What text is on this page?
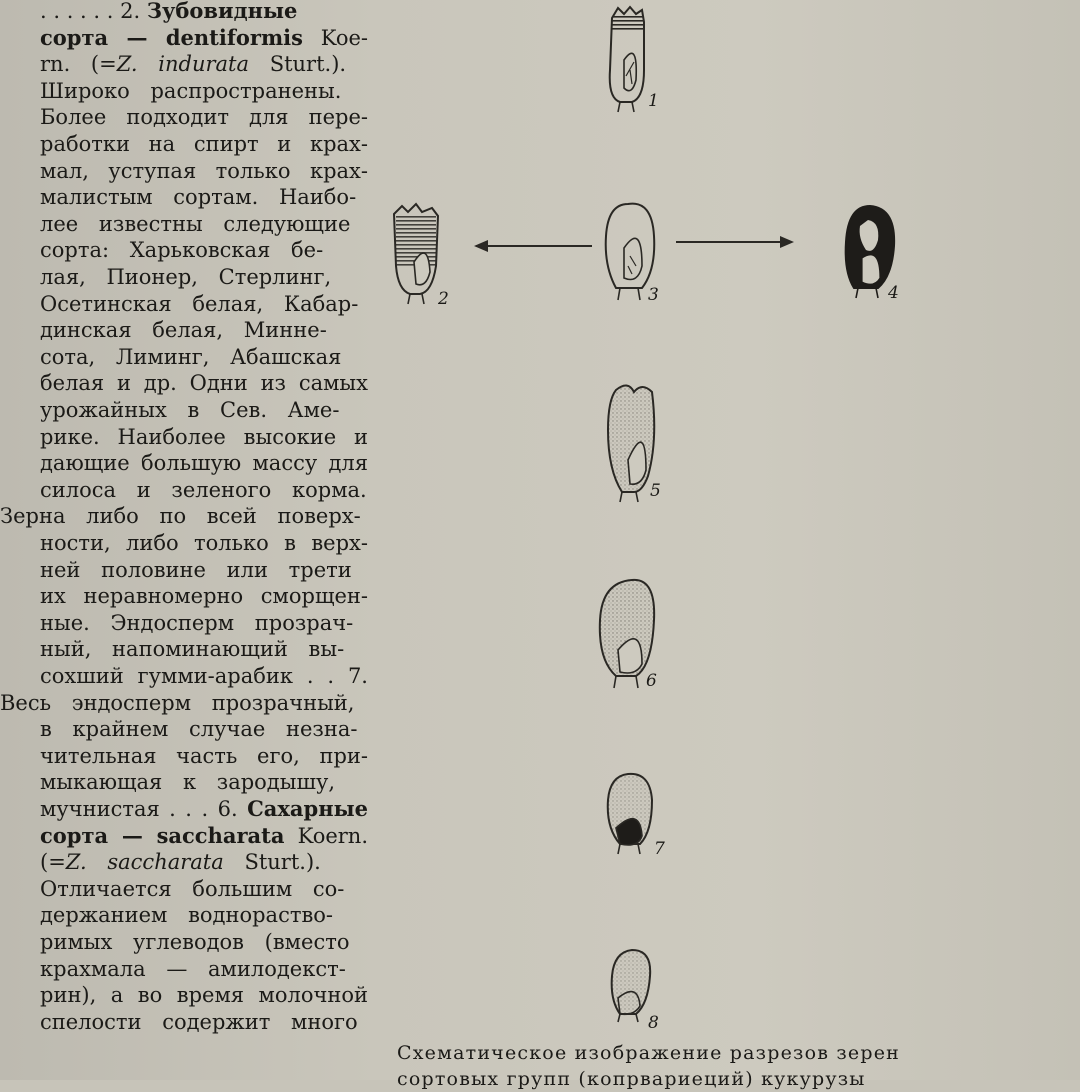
. . . . . . 2. Зубовидные
сорта — dentiformis Koe-
rn. (=Z. indurata Sturt.).
Широко распространены.
Более подходит для пере-
работки на спирт и крах-
мал, уступая только крах-
малистым сортам. Наибо-
лее известны следующие
сорта: Харьковская бе-
лая, Пионер, Стерлинг,
Осетинская белая, Кабар-
динская белая, Минне-
сота, Лиминг, Абашская
белая и др. Одни из самых
урожайных в Сев. Аме-
рике. Наиболее высокие и
дающие большую массу для
силоса и зеленого корма.
Зерна либо по всей поверх-
ности, либо только в верх-
ней половине или трети
их неравномерно сморщен-
ные. Эндосперм прозрач-
ный, напоминающий вы-
сохший гумми-арабик . . 7.
Весь эндосперм прозрачный,
в крайнем случае незна-
чительная часть его, при-
мыкающая к зародышу,
мучнистая . . . 6. Сахарные
сорта — saccharata Koern.
(=Z. saccharata Sturt.).
Отличается большим со-
держанием воднораство-
римых углеводов (вместо
крахмала — амилодекст-
рин), а во время молочной
спелости содержит много
1
2	3	4
5
6
7
8
Схематическое изображение разрезов зерен
сортовых групп (копрвариеций) кукурузы
